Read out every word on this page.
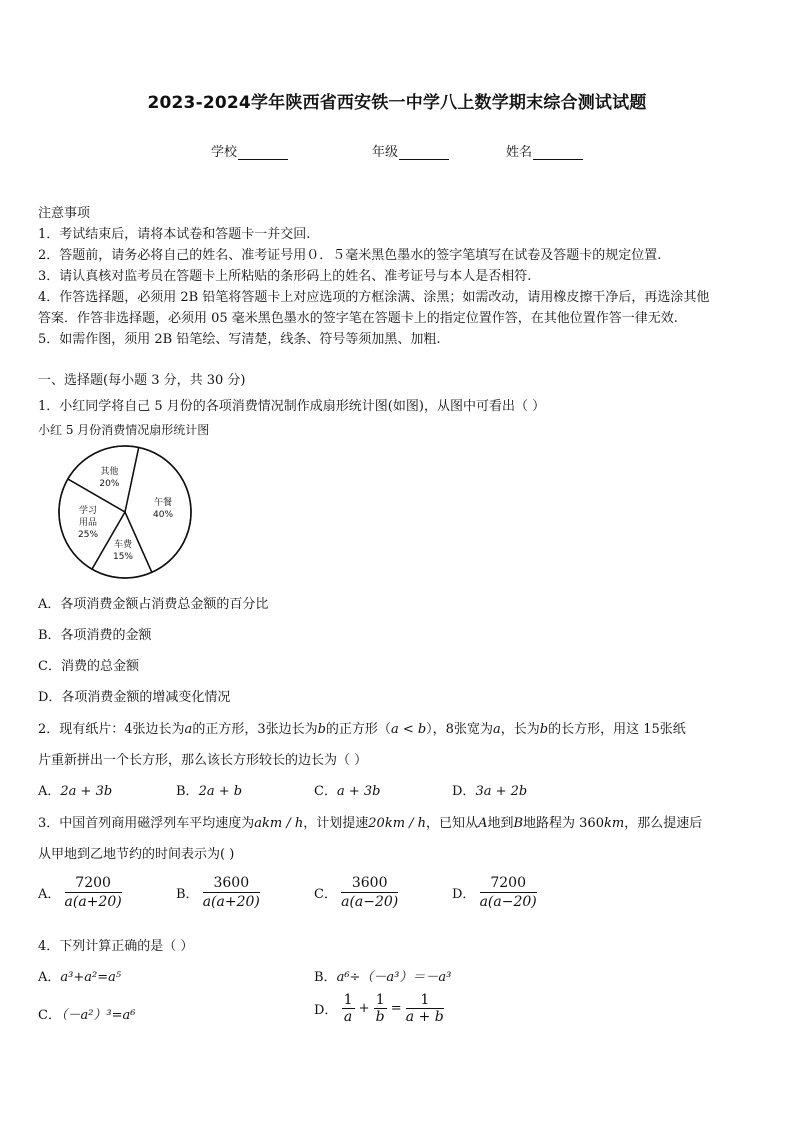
2023-2024学年陕西省西安铁一中学八上数学期末综合测试试题
学校	年级	姓名
注意事项
1．考试结束后，请将本试卷和答题卡一并交回.
2．答题前，请务必将自己的姓名、准考证号用０．５毫米黑色墨水的签字笔填写在试卷及答题卡的规定位置.
3．请认真核对监考员在答题卡上所粘贴的条形码上的姓名、准考证号与本人是否相符.
4．作答选择题，必须用 2B 铅笔将答题卡上对应选项的方框涂满、涂黑；如需改动，请用橡皮擦干净后，再选涂其他
答案．作答非选择题，必须用 05 毫米黑色墨水的签字笔在答题卡上的指定位置作答，在其他位置作答一律无效.
5．如需作图，须用 2B 铅笔绘、写清楚，线条、符号等须加黑、加粗.
一、选择题(每小题 3 分，共 30 分)
1．小红同学将自己 5 月份的各项消费情况制作成扇形统计图(如图)，从图中可看出（ ）
小红 5 月份消费情况扇形统计图
午餐
40%
车费
15%
学习
用品
25%
其他
20%
A．各项消费金额占消费总金额的百分比
B．各项消费的金额
C．消费的总金额
D．各项消费金额的增减变化情况
2．现有纸片：4张边长为a的正方形，3张边长为b的正方形（a < b），8张宽为a，长为b的长方形，用这 15张纸
片重新拼出一个长方形，那么该长方形较长的边长为（ ）
A．2a + 3b	B．2a + b	C．a + 3b	D．3a + 2b
3．中国首列商用磁浮列车平均速度为akm / h，计划提速20km / h，已知从A地到B地路程为 360km，那么提速后
从甲地到乙地节约的时间表示为( )
A． $\frac{7200}{a(a+20)}$	B． $\frac{3600}{a(a+20)}$	C． $\frac{3600}{a(a-20)}$	D． $\frac{7200}{a(a-20)}$
4．下列计算正确的是（ ）
A．a³+a²=a⁵	B．a⁶÷（－a³）＝－a³
C．（－a²）³=a⁶	D． $\frac{1}{a} + \frac{1}{b} = \frac{1}{a + b}$
